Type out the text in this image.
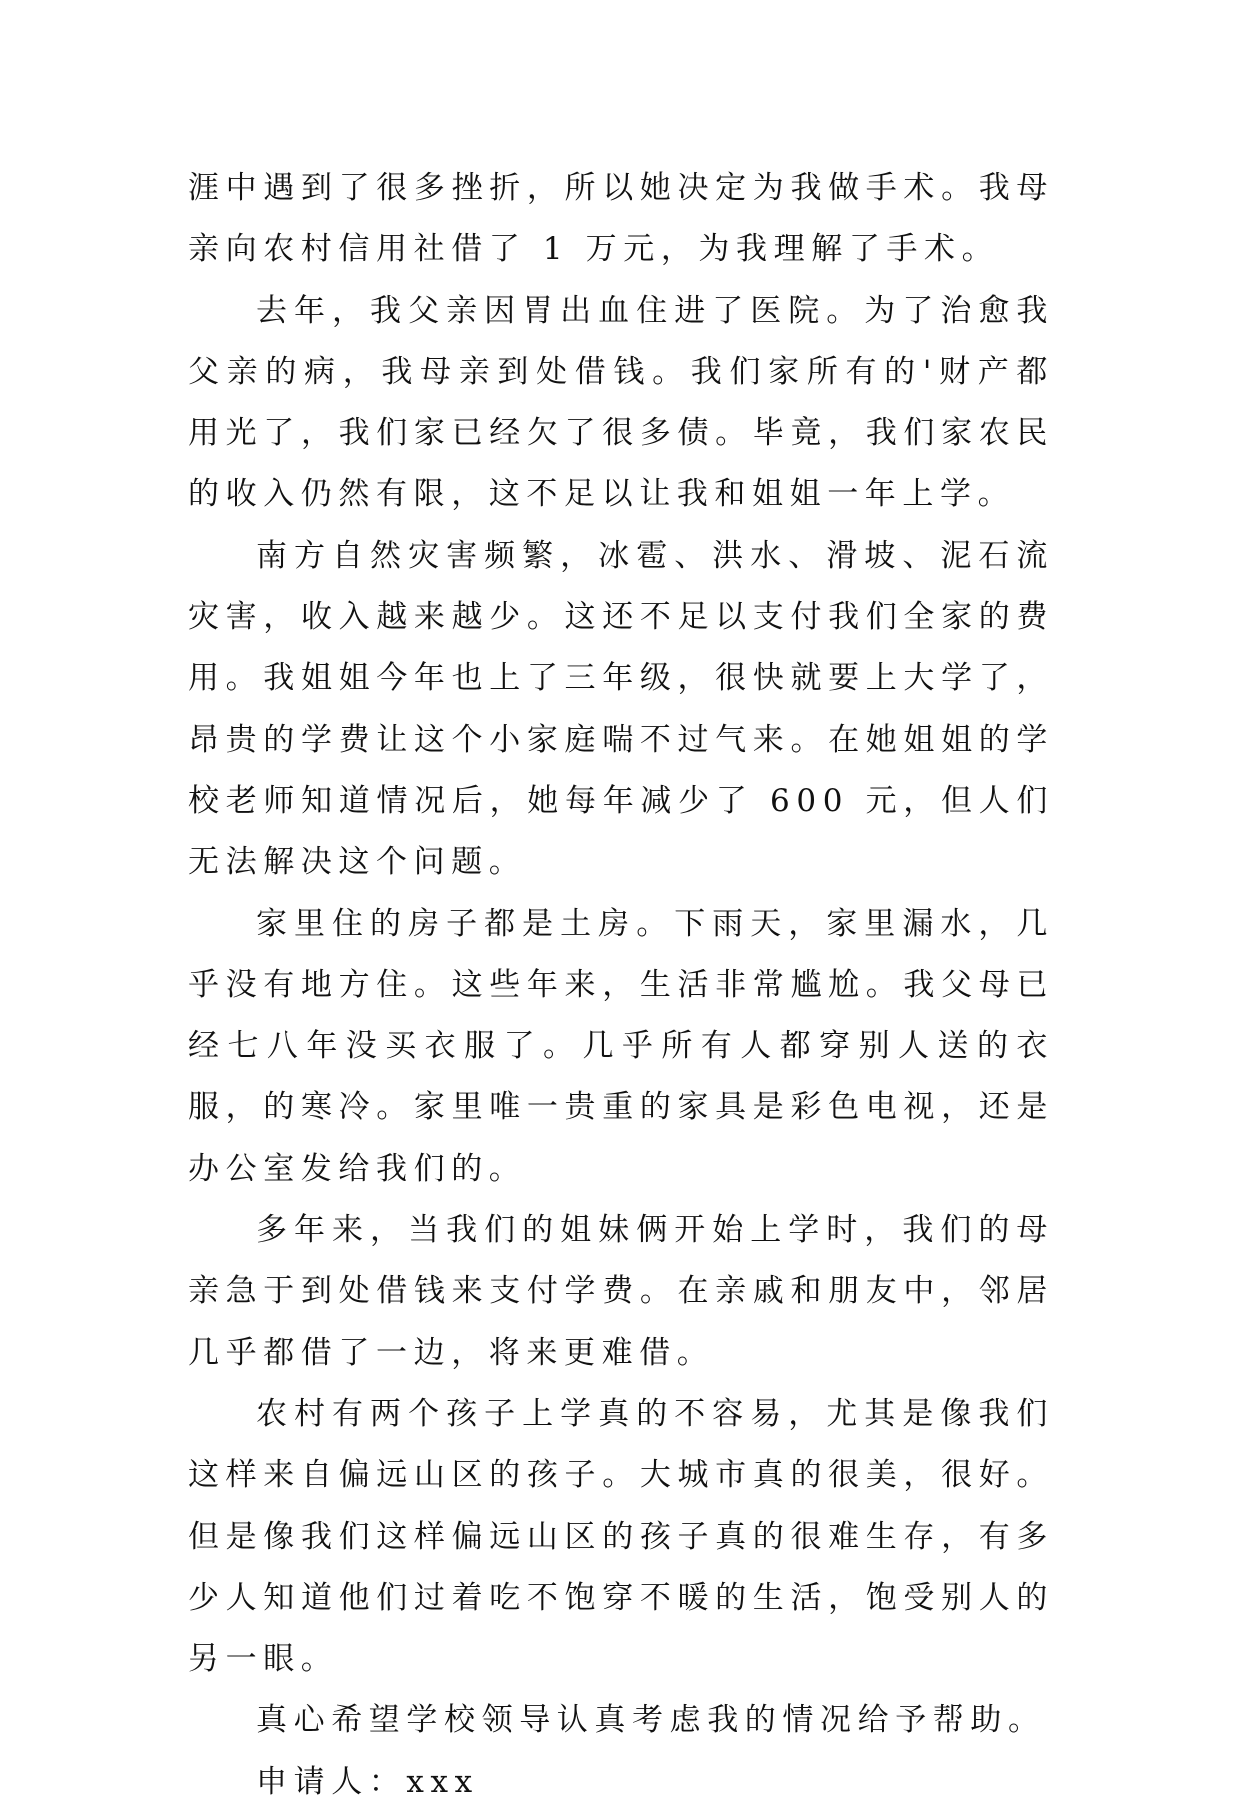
涯中遇到了很多挫折，所以她决定为我做手术。我母亲向农村信用社借了 1 万元，为我理解了手术。

去年，我父亲因胃出血住进了医院。为了治愈我父亲的病，我母亲到处借钱。我们家所有的'财产都用光了，我们家已经欠了很多债。毕竟，我们家农民的收入仍然有限，这不足以让我和姐姐一年上学。

南方自然灾害频繁，冰雹、洪水、滑坡、泥石流灾害，收入越来越少。这还不足以支付我们全家的费用。我姐姐今年也上了三年级，很快就要上大学了，昂贵的学费让这个小家庭喘不过气来。在她姐姐的学校老师知道情况后，她每年减少了 600 元，但人们无法解决这个问题。

家里住的房子都是土房。下雨天，家里漏水，几乎没有地方住。这些年来，生活非常尴尬。我父母已经七八年没买衣服了。几乎所有人都穿别人送的衣服，的寒冷。家里唯一贵重的家具是彩色电视，还是办公室发给我们的。

多年来，当我们的姐妹俩开始上学时，我们的母亲急于到处借钱来支付学费。在亲戚和朋友中，邻居几乎都借了一边，将来更难借。

农村有两个孩子上学真的不容易，尤其是像我们这样来自偏远山区的孩子。大城市真的很美，很好。但是像我们这样偏远山区的孩子真的很难生存，有多少人知道他们过着吃不饱穿不暖的生活，饱受别人的另一眼。

真心希望学校领导认真考虑我的情况给予帮助。

申请人：xxx
